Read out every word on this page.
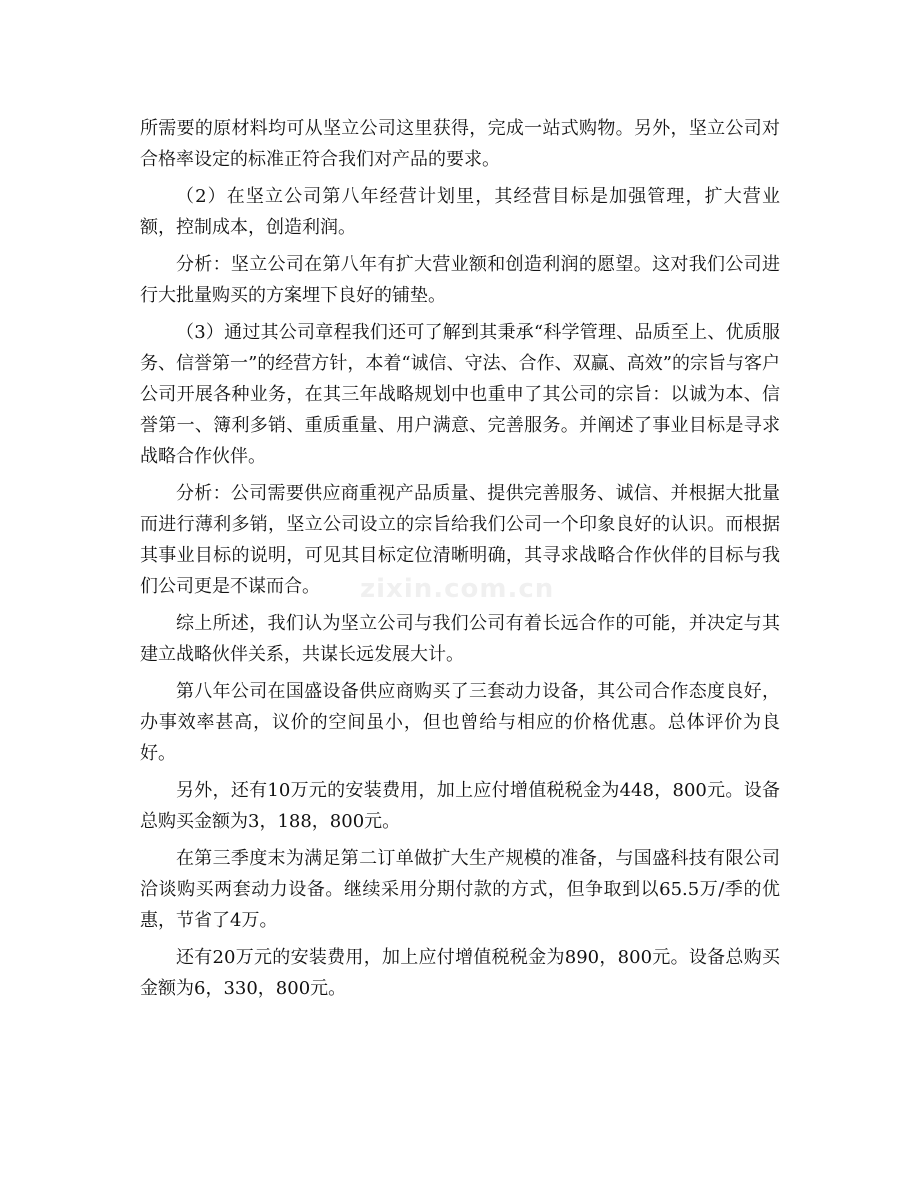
zixin.com.cn

所需要的原材料均可从坚立公司这里获得，完成一站式购物。另外，坚立公司对合格率设定的标准正符合我们对产品的要求。

（2）在坚立公司第八年经营计划里，其经营目标是加强管理，扩大营业额，控制成本，创造利润。

分析：坚立公司在第八年有扩大营业额和创造利润的愿望。这对我们公司进行大批量购买的方案埋下良好的铺垫。

（3）通过其公司章程我们还可了解到其秉承“科学管理、品质至上、优质服务、信誉第一”的经营方针，本着“诚信、守法、合作、双赢、高效”的宗旨与客户公司开展各种业务，在其三年战略规划中也重申了其公司的宗旨：以诚为本、信誉第一、簿利多销、重质重量、用户满意、完善服务。并阐述了事业目标是寻求战略合作伙伴。

分析：公司需要供应商重视产品质量、提供完善服务、诚信、并根据大批量而进行薄利多销，坚立公司设立的宗旨给我们公司一个印象良好的认识。而根据其事业目标的说明，可见其目标定位清晰明确，其寻求战略合作伙伴的目标与我们公司更是不谋而合。

综上所述，我们认为坚立公司与我们公司有着长远合作的可能，并决定与其建立战略伙伴关系，共谋长远发展大计。

第八年公司在国盛设备供应商购买了三套动力设备，其公司合作态度良好，办事效率甚高，议价的空间虽小，但也曾给与相应的价格优惠。总体评价为良好。

另外，还有10万元的安装费用，加上应付增值税税金为448，800元。设备总购买金额为3，188，800元。

在第三季度末为满足第二订单做扩大生产规模的准备，与国盛科技有限公司洽谈购买两套动力设备。继续采用分期付款的方式，但争取到以65.5万/季的优惠，节省了4万。

还有20万元的安装费用，加上应付增值税税金为890，800元。设备总购买金额为6，330，800元。
